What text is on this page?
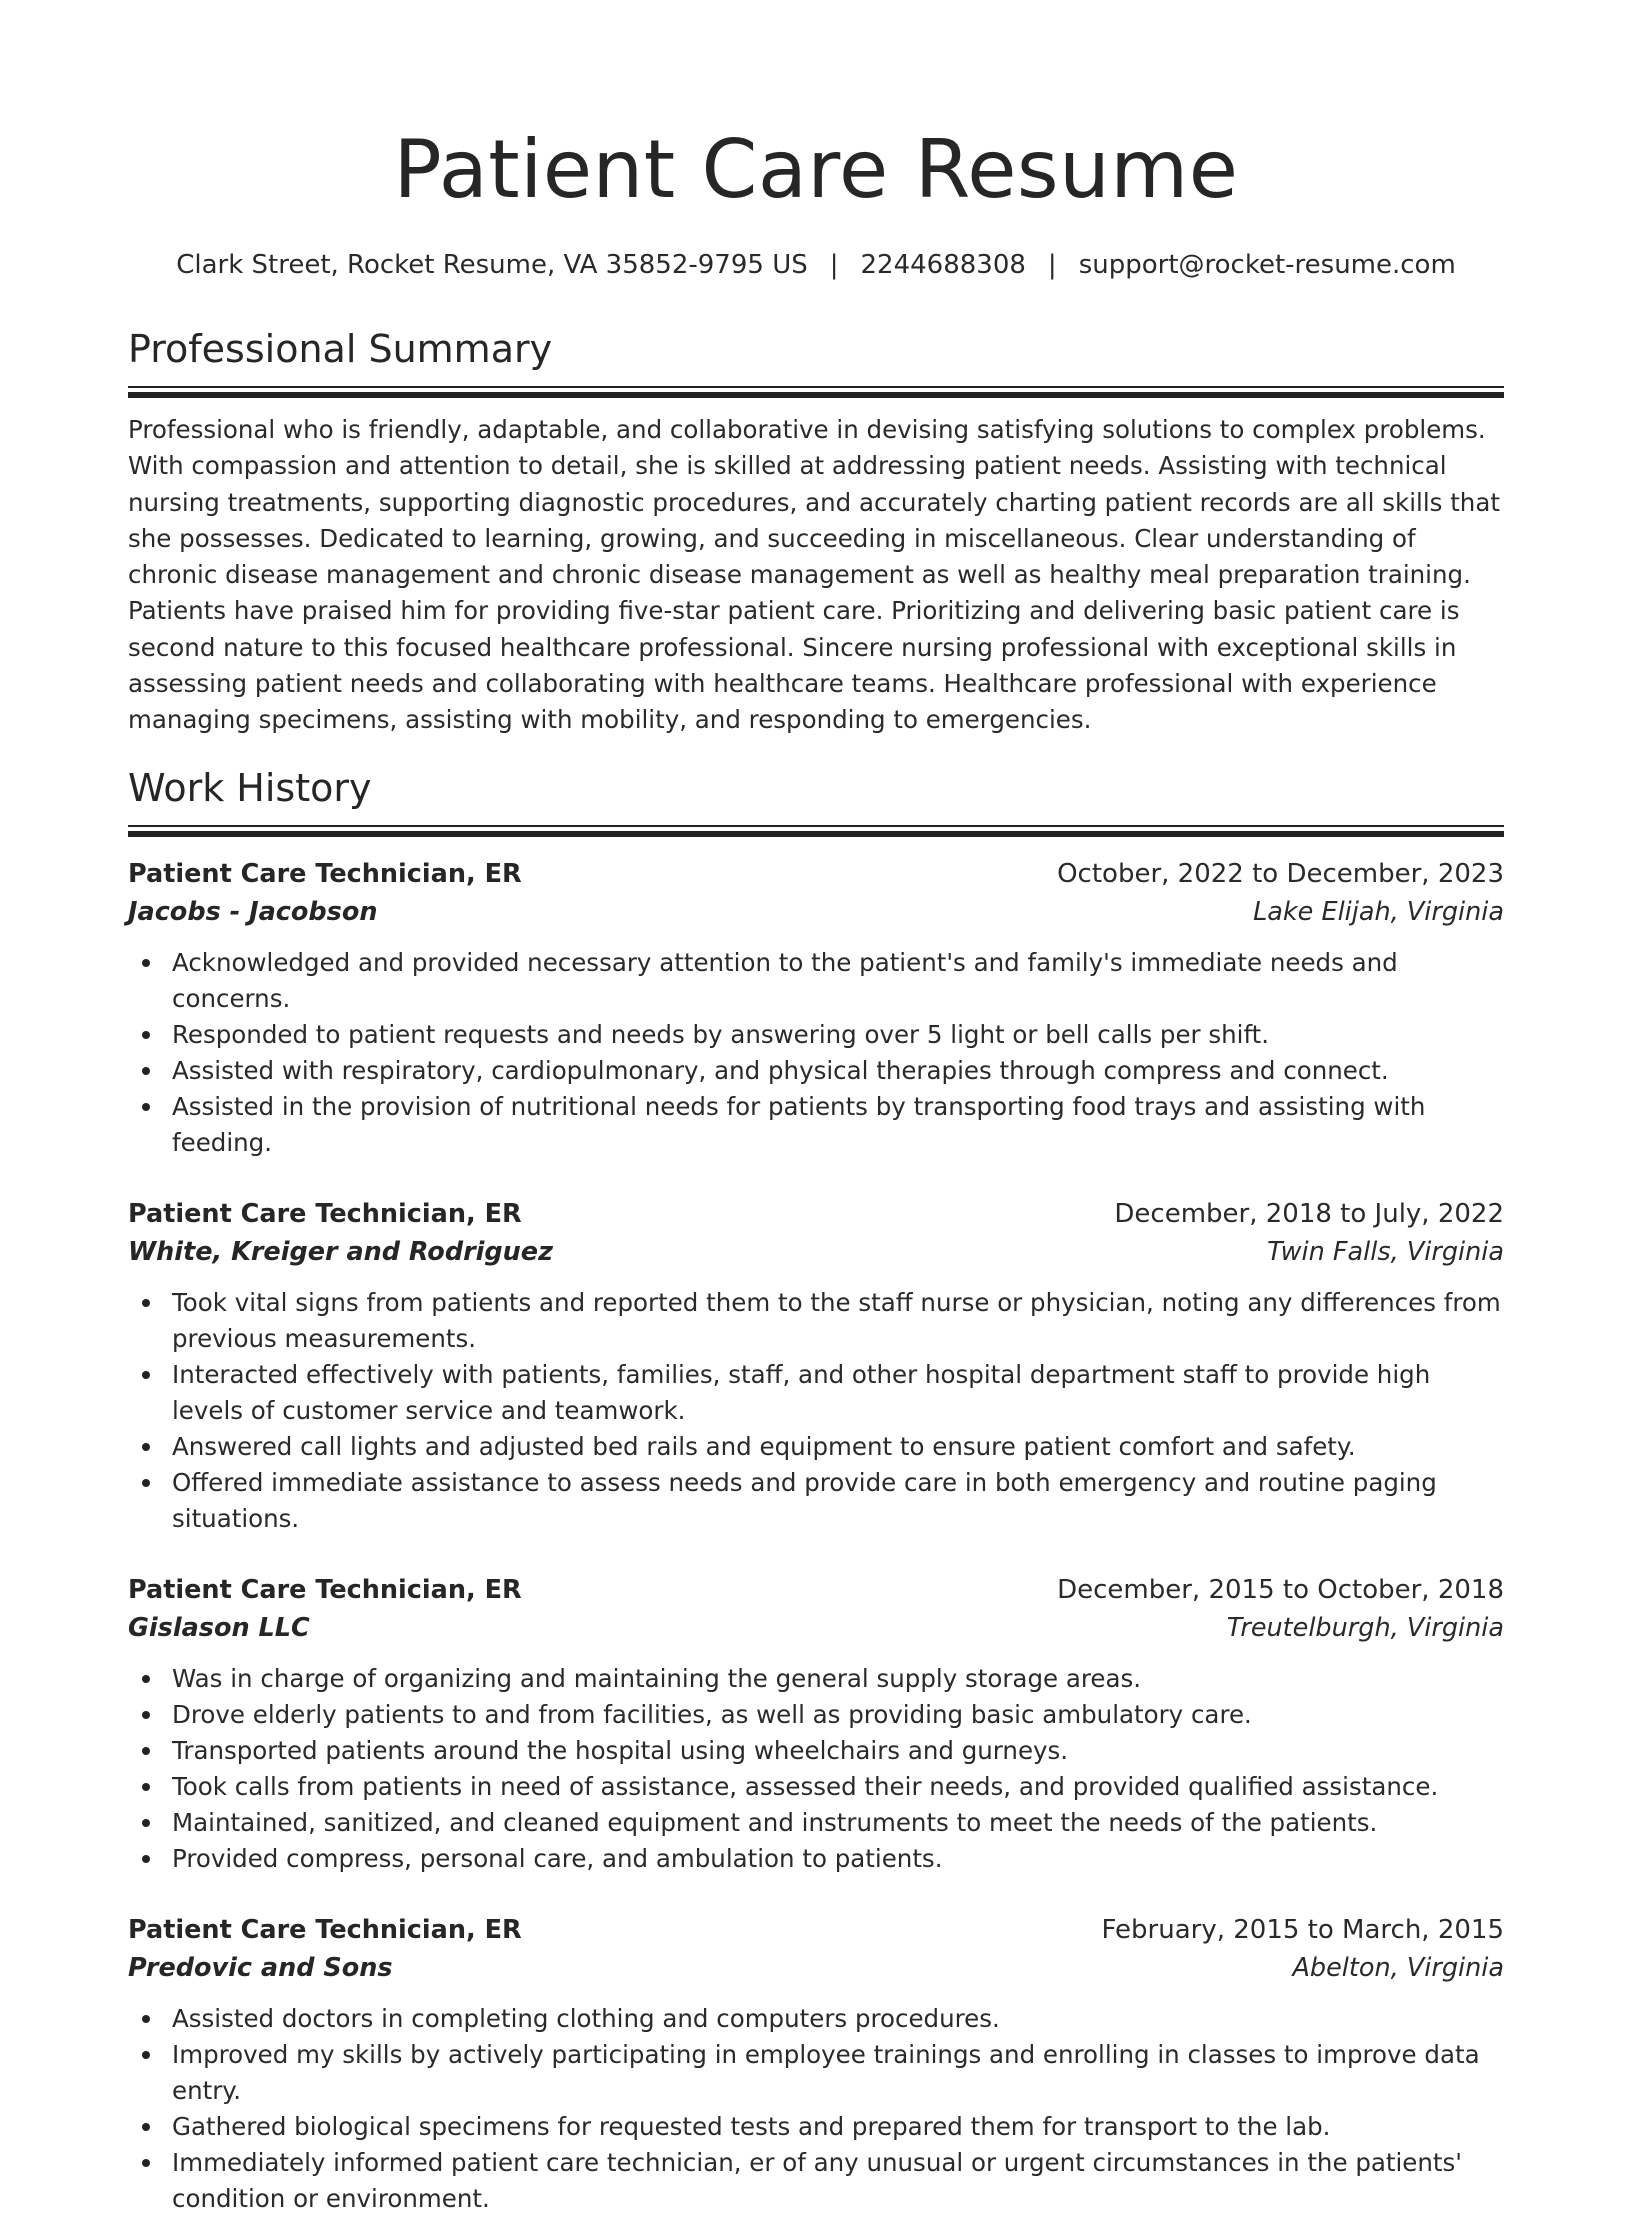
Patient Care Resume
Clark Street, Rocket Resume, VA 35852-9795 US | 2244688308 | support@rocket-resume.com
Professional Summary

Professional who is friendly, adaptable, and collaborative in devising satisfying solutions to complex problems. With compassion and attention to detail, she is skilled at addressing patient needs. Assisting with technical nursing treatments, supporting diagnostic procedures, and accurately charting patient records are all skills that she possesses. Dedicated to learning, growing, and succeeding in miscellaneous. Clear understanding of chronic disease management and chronic disease management as well as healthy meal preparation training. Patients have praised him for providing five-star patient care. Prioritizing and delivering basic patient care is second nature to this focused healthcare professional. Sincere nursing professional with exceptional skills in assessing patient needs and collaborating with healthcare teams. Healthcare professional with experience managing specimens, assisting with mobility, and responding to emergencies.

Work History
Patient Care Technician, ER	October, 2022 to December, 2023
Jacobs - Jacobson	Lake Elijah, Virginia
Acknowledged and provided necessary attention to the patient's and family's immediate needs and concerns.
Responded to patient requests and needs by answering over 5 light or bell calls per shift.
Assisted with respiratory, cardiopulmonary, and physical therapies through compress and connect.
Assisted in the provision of nutritional needs for patients by transporting food trays and assisting with feeding.
Patient Care Technician, ER	December, 2018 to July, 2022
White, Kreiger and Rodriguez	Twin Falls, Virginia
Took vital signs from patients and reported them to the staff nurse or physician, noting any differences from previous measurements.
Interacted effectively with patients, families, staff, and other hospital department staff to provide high levels of customer service and teamwork.
Answered call lights and adjusted bed rails and equipment to ensure patient comfort and safety.
Offered immediate assistance to assess needs and provide care in both emergency and routine paging situations.
Patient Care Technician, ER	December, 2015 to October, 2018
Gislason LLC	Treutelburgh, Virginia
Was in charge of organizing and maintaining the general supply storage areas.
Drove elderly patients to and from facilities, as well as providing basic ambulatory care.
Transported patients around the hospital using wheelchairs and gurneys.
Took calls from patients in need of assistance, assessed their needs, and provided qualified assistance.
Maintained, sanitized, and cleaned equipment and instruments to meet the needs of the patients.
Provided compress, personal care, and ambulation to patients.
Patient Care Technician, ER	February, 2015 to March, 2015
Predovic and Sons	Abelton, Virginia
Assisted doctors in completing clothing and computers procedures.
Improved my skills by actively participating in employee trainings and enrolling in classes to improve data entry.
Gathered biological specimens for requested tests and prepared them for transport to the lab.
Immediately informed patient care technician, er of any unusual or urgent circumstances in the patients' condition or environment.
